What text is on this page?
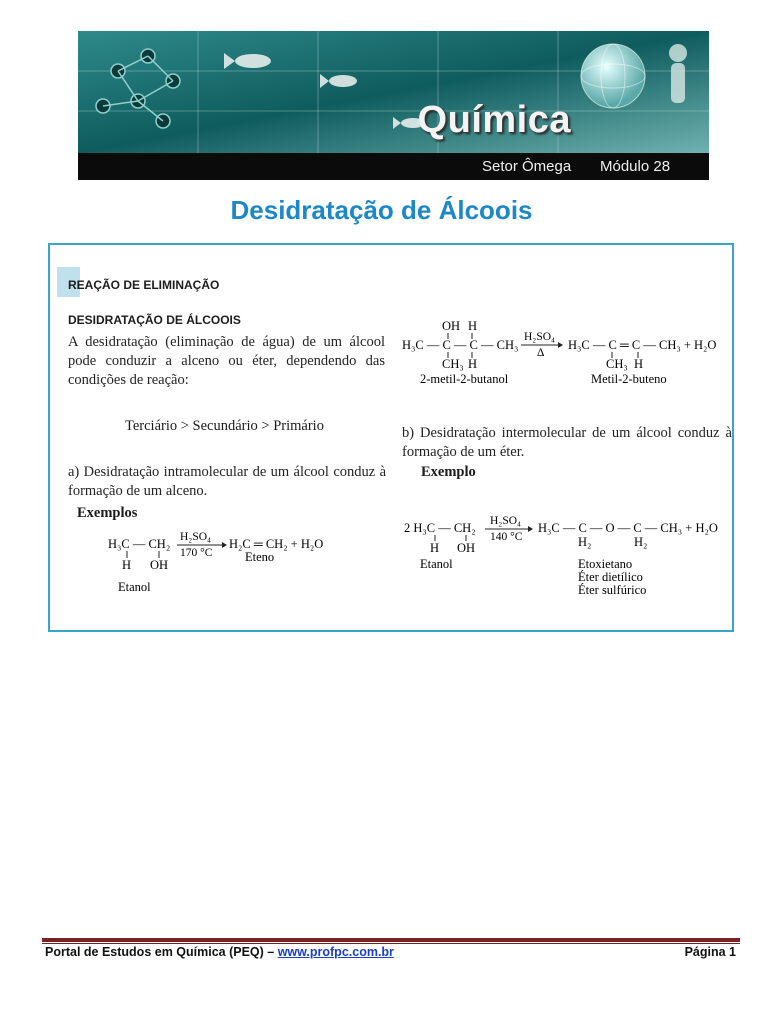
Química
Setor Ômega Módulo 28
Desidratação de Álcoois
REAÇÃO DE ELIMINAÇÃO
DESIDRATAÇÃO DE ÁLCOOIS
A desidratação (eliminação de água) de um álcool pode conduzir a alceno ou éter, dependendo das condições de reação:
Terciário > Secundário > Primário
a) Desidratação intramolecular de um álcool conduz à formação de um alceno.
Exemplos
b) Desidratação intermolecular de um álcool conduz à formação de um éter.
Exemplo
H₃C — CH₂
H OH
H₂SO₄
170 °C
H₂C ═ CH₂ + H₂O
Eteno
Etanol
OH H
H₃C — C — C — CH₃
CH₃ H
H₂SO₄
Δ
H₃C — C ═ C — CH₃ + H₂O
CH₃ H
2-metil-2-butanol	Metil-2-buteno
2 H₃C — CH₂
H OH
H₂SO₄
140 °C
H₃C — C — O — C — CH₃ + H₂O
H₂	H₂
Etanol	Etoxietano
Éter dietílico
Éter sulfúrico
Portal de Estudos em Química (PEQ) – www.profpc.com.br	Página 1
